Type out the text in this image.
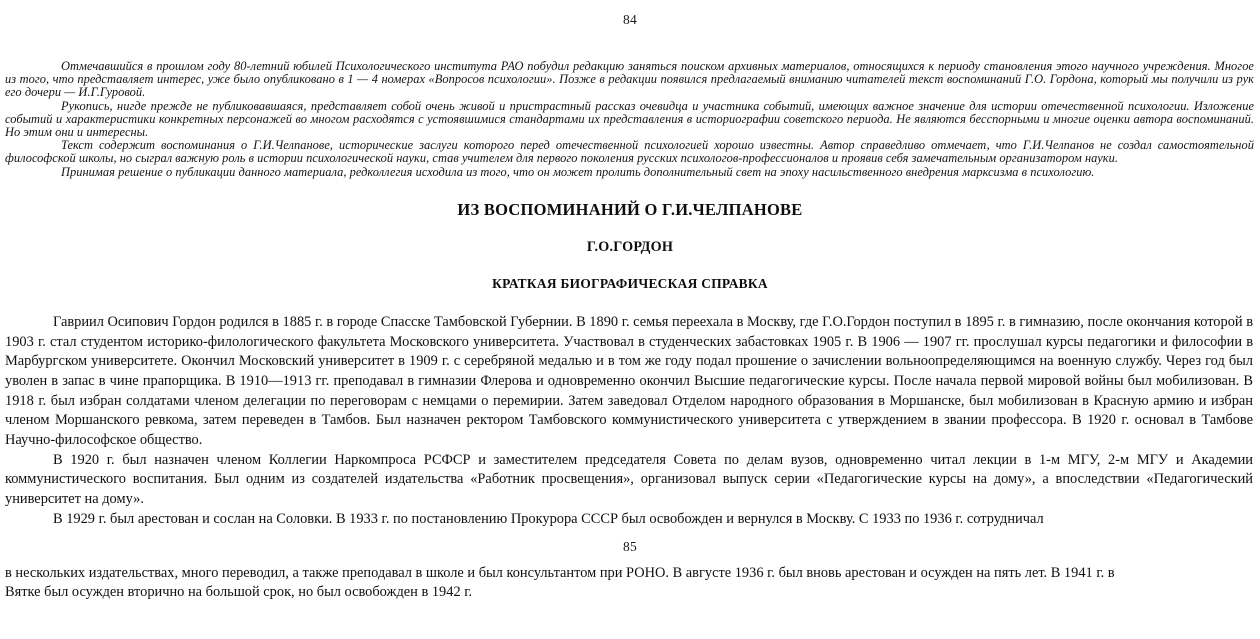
84

Отмечавшийся в прошлом году 80-летний юбилей Психологического института РАО побудил редакцию заняться поиском архивных материалов, относящихся к периоду становления этого научного учреждения. Многое из того, что представляет интерес, уже было опубликовано в 1 — 4 номерах «Вопросов психологии». Позже в редакции появился предлагаемый вниманию читателей текст воспоминаний Г.О. Гордона, который мы получили из рук его дочери — И.Г.Гуровой.

Рукопись, нигде прежде не публиковавшаяся, представляет собой очень живой и пристрастный рассказ очевидца и участника событий, имеющих важное значение для истории отечественной психологии. Изложение событий и характеристики конкретных персонажей во многом расходятся с устоявшимися стандартами их представления в историографии советского периода. Не являются бесспорными и многие оценки автора воспоминаний. Но этим они и интересны.

Текст содержит воспоминания о Г.И.Челпанове, исторические заслуги которого перед отечественной психологией хорошо известны. Автор справедливо отмечает, что Г.И.Челпанов не создал самостоятельной философской школы, но сыграл важную роль в истории психологической науки, став учителем для первого поколения русских психологов-профессионалов и проявив себя замечательным организатором науки.

Принимая решение о публикации данного материала, редколлегия исходила из того, что он может пролить дополнительный свет на эпоху насильственного внедрения марксизма в психологию.

ИЗ ВОСПОМИНАНИЙ О Г.И.ЧЕЛПАНОВЕ
Г.О.ГОРДОН
КРАТКАЯ БИОГРАФИЧЕСКАЯ СПРАВКА

Гавриил Осипович Гордон родился в 1885 г. в городе Спасске Тамбовской Губернии. В 1890 г. семья переехала в Москву, где Г.О.Гордон поступил в 1895 г. в гимназию, после окончания которой в 1903 г. стал студентом историко-филологического факультета Московского университета. Участвовал в студенческих забастовках 1905 г. В 1906 — 1907 гг. прослушал курсы педагогики и философии в Марбургском университете. Окончил Московский университет в 1909 г. с серебряной медалью и в том же году подал прошение о зачислении вольноопределяющимся на военную службу. Через год был уволен в запас в чине прапорщика. В 1910—1913 гг. преподавал в гимназии Флерова и одновременно окончил Высшие педагогические курсы. После начала первой мировой войны был мобилизован. В 1918 г. был избран солдатами членом делегации по переговорам с немцами о перемирии. Затем заведовал Отделом народного образования в Моршанске, был мобилизован в Красную армию и избран членом Моршанского ревкома, затем переведен в Тамбов. Был назначен ректором Тамбовского коммунистического университета с утверждением в звании профессора. В 1920 г. основал в Тамбове Научно-философское общество.

В 1920 г. был назначен членом Коллегии Наркомпроса РСФСР и заместителем председателя Совета по делам вузов, одновременно читал лекции в 1-м МГУ, 2-м МГУ и Академии коммунистического воспитания. Был одним из создателей издательства «Работник просвещения», организовал выпуск серии «Педагогические курсы на дому», а впоследствии «Педагогический университет на дому».

В 1929 г. был арестован и сослан на Соловки. В 1933 г. по постановлению Прокурора СССР был освобожден и вернулся в Москву. С 1933 по 1936 г. сотрудничал

85

в нескольких издательствах, много переводил, а также преподавал в школе и был консультантом при РОНО. В августе 1936 г. был вновь арестован и осужден на пять лет. В 1941 г. в

Вятке был осужден вторично на большой срок, но был освобожден в 1942 г.
